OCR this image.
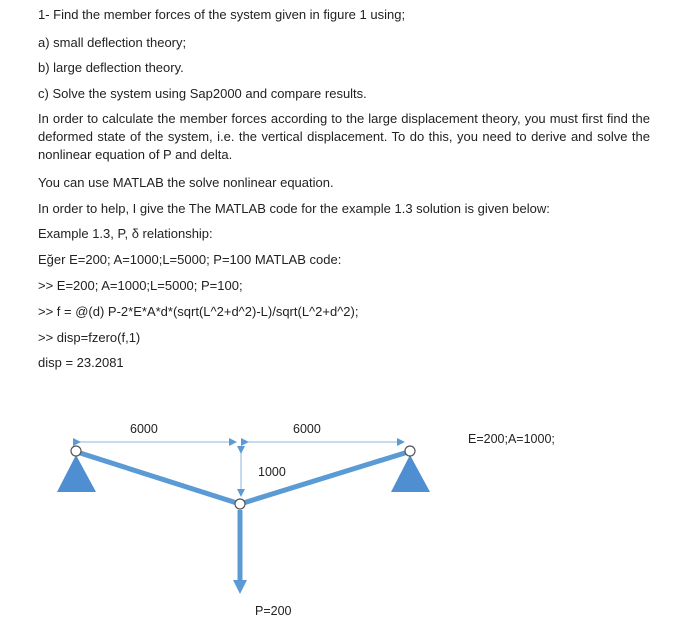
1- Find the member forces of the system given in figure 1 using;
a) small deflection theory;
b) large deflection theory.
c) Solve the system using Sap2000 and compare results.
In order to calculate the member forces according to the large displacement theory, you must first find the deformed state of the system, i.e. the vertical displacement. To do this, you need to derive and solve the nonlinear equation of P and delta.
You can use MATLAB the solve nonlinear equation.
In order to help, I give the The MATLAB code for the example 1.3 solution is given below:
Example 1.3, P, δ relationship:
Eğer E=200; A=1000;L=5000; P=100 MATLAB code:
>> E=200; A=1000;L=5000; P=100;
>> f = @(d) P-2*E*A*d*(sqrt(L^2+d^2)-L)/sqrt(L^2+d^2);
>> disp=fzero(f,1)
disp = 23.2081
6000	6000
1000
P=200
E=200;A=1000;
